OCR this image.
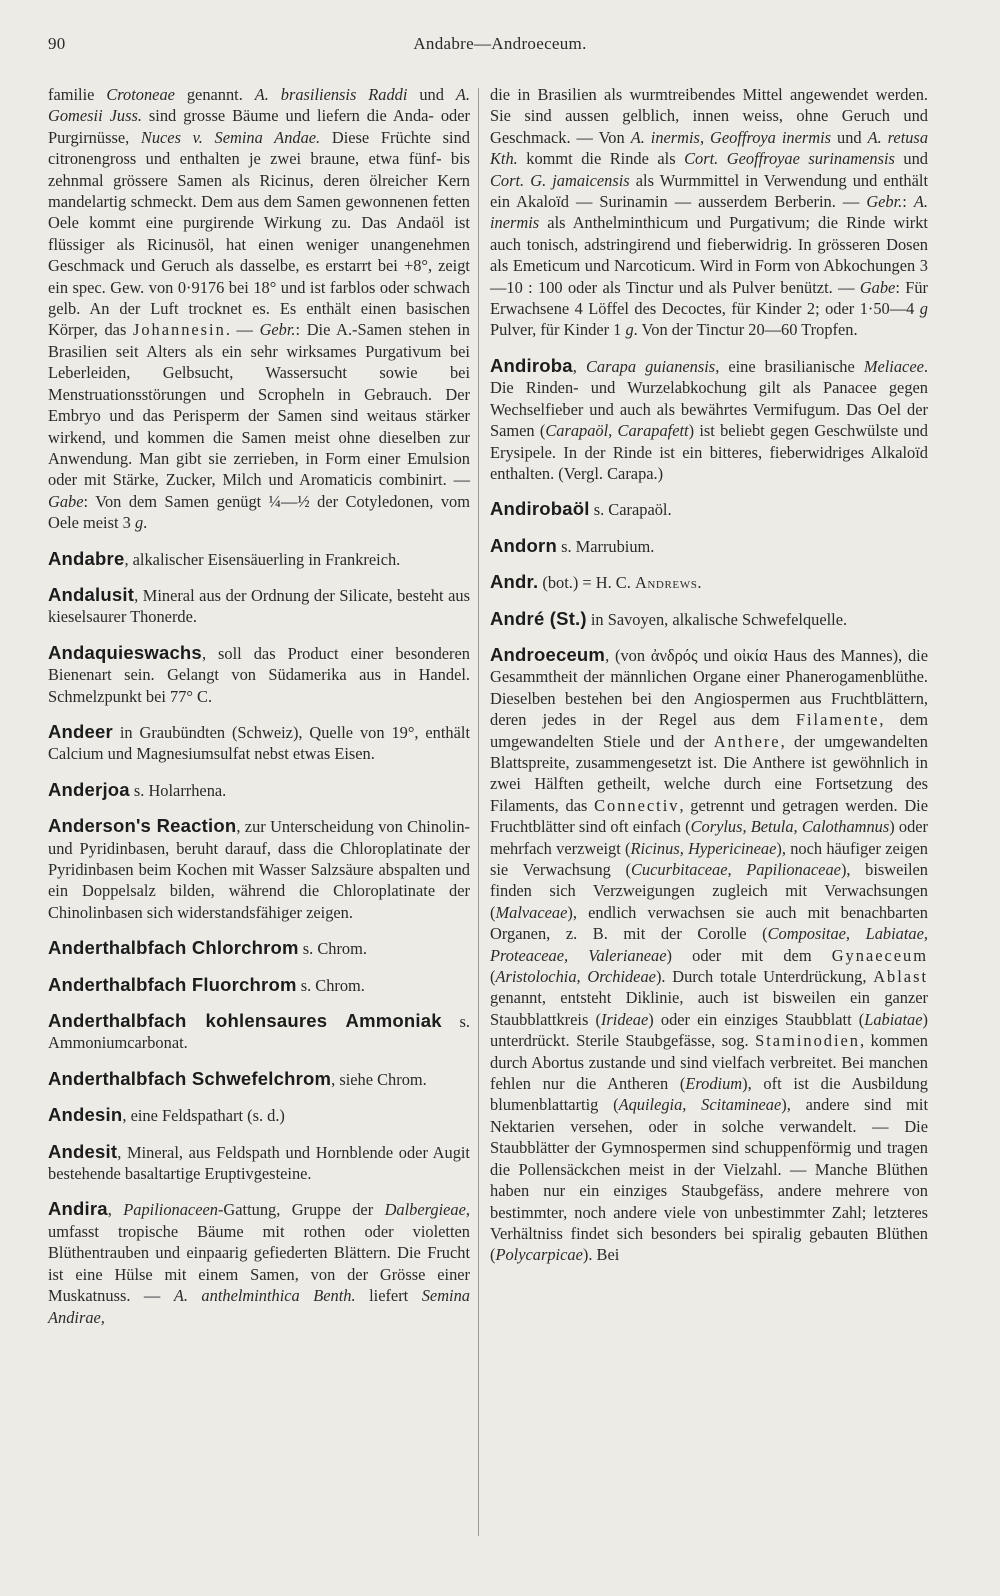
90	Andabre—Androeceum.

familie Crotoneae genannt. A. brasiliensis Raddi und A. Gomesii Juss. sind grosse Bäume und liefern die Anda- oder Purgirnüsse, Nuces v. Semina Andae. Diese Früchte sind citronengross und enthalten je zwei braune, etwa fünf- bis zehnmal grössere Samen als Ricinus, deren ölreicher Kern mandelartig schmeckt. Dem aus dem Samen gewonnenen fetten Oele kommt eine purgirende Wirkung zu. Das Andaöl ist flüssiger als Ricinusöl, hat einen weniger unangenehmen Geschmack und Geruch als dasselbe, es erstarrt bei +8°, zeigt ein spec. Gew. von 0·9176 bei 18° und ist farblos oder schwach gelb. An der Luft trocknet es. Es enthält einen basischen Körper, das Johannesin. — Gebr.: Die A.-Samen stehen in Brasilien seit Alters als ein sehr wirksames Purgativum bei Leberleiden, Gelbsucht, Wassersucht sowie bei Menstruationsstörungen und Scropheln in Gebrauch. Der Embryo und das Perisperm der Samen sind weitaus stärker wirkend, und kommen die Samen meist ohne dieselben zur Anwendung. Man gibt sie zerrieben, in Form einer Emulsion oder mit Stärke, Zucker, Milch und Aromaticis combinirt. — Gabe: Von dem Samen genügt ¼—½ der Cotyledonen, vom Oele meist 3 g.

Andabre, alkalischer Eisensäuerling in Frankreich.

Andalusit, Mineral aus der Ordnung der Silicate, besteht aus kieselsaurer Thonerde.

Andaquieswachs, soll das Product einer besonderen Bienenart sein. Gelangt von Südamerika aus in Handel. Schmelzpunkt bei 77° C.

Andeer in Graubündten (Schweiz), Quelle von 19°, enthält Calcium und Magnesiumsulfat nebst etwas Eisen.

Anderjoa s. Holarrhena.

Anderson's Reaction, zur Unterscheidung von Chinolin- und Pyridinbasen, beruht darauf, dass die Chloroplatinate der Pyridinbasen beim Kochen mit Wasser Salzsäure abspalten und ein Doppelsalz bilden, während die Chloroplatinate der Chinolinbasen sich widerstandsfähiger zeigen.

Anderthalbfach Chlorchrom s. Chrom.

Anderthalbfach Fluorchrom s. Chrom.

Anderthalbfach kohlensaures Ammoniak s. Ammoniumcarbonat.

Anderthalbfach Schwefelchrom, siehe Chrom.

Andesin, eine Feldspathart (s. d.)

Andesit, Mineral, aus Feldspath und Hornblende oder Augit bestehende basaltartige Eruptivgesteine.

Andira, Papilionaceen-Gattung, Gruppe der Dalbergieae, umfasst tropische Bäume mit rothen oder violetten Blüthentrauben und einpaarig gefiederten Blättern. Die Frucht ist eine Hülse mit einem Samen, von der Grösse einer Muskatnuss. — A. anthelminthica Benth. liefert Semina Andirae,

die in Brasilien als wurmtreibendes Mittel angewendet werden. Sie sind aussen gelblich, innen weiss, ohne Geruch und Geschmack. — Von A. inermis, Geoffroya inermis und A. retusa Kth. kommt die Rinde als Cort. Geoffroyae surinamensis und Cort. G. jamaicensis als Wurmmittel in Verwendung und enthält ein Akaloïd — Surinamin — ausserdem Berberin. — Gebr.: A. inermis als Anthelminthicum und Purgativum; die Rinde wirkt auch tonisch, adstringirend und fieberwidrig. In grösseren Dosen als Emeticum und Narcoticum. Wird in Form von Abkochungen 3—10 : 100 oder als Tinctur und als Pulver benützt. — Gabe: Für Erwachsene 4 Löffel des Decoctes, für Kinder 2; oder 1·50—4 g Pulver, für Kinder 1 g. Von der Tinctur 20—60 Tropfen.

Andiroba, Carapa guianensis, eine brasilianische Meliacee. Die Rinden- und Wurzelabkochung gilt als Panacee gegen Wechselfieber und auch als bewährtes Vermifugum. Das Oel der Samen (Carapaöl, Carapafett) ist beliebt gegen Geschwülste und Erysipele. In der Rinde ist ein bitteres, fieberwidriges Alkaloïd enthalten. (Vergl. Carapa.)

Andirobaöl s. Carapaöl.

Andorn s. Marrubium.

Andr. (bot.) = H. C. Andrews.

André (St.) in Savoyen, alkalische Schwefelquelle.

Androeceum, (von ἀνδρός und οἰκία Haus des Mannes), die Gesammtheit der männlichen Organe einer Phanerogamenblüthe. Dieselben bestehen bei den Angiospermen aus Fruchtblättern, deren jedes in der Regel aus dem Filamente, dem umgewandelten Stiele und der Anthere, der umgewandelten Blattspreite, zusammengesetzt ist. Die Anthere ist gewöhnlich in zwei Hälften getheilt, welche durch eine Fortsetzung des Filaments, das Connectiv, getrennt und getragen werden. Die Fruchtblätter sind oft einfach (Corylus, Betula, Calothamnus) oder mehrfach verzweigt (Ricinus, Hypericineae), noch häufiger zeigen sie Verwachsung (Cucurbitaceae, Papilionaceae), bisweilen finden sich Verzweigungen zugleich mit Verwachsungen (Malvaceae), endlich verwachsen sie auch mit benachbarten Organen, z. B. mit der Corolle (Compositae, Labiatae, Proteaceae, Valerianeae) oder mit dem Gynaeceum (Aristolochia, Orchideae). Durch totale Unterdrückung, Ablast genannt, entsteht Diklinie, auch ist bisweilen ein ganzer Staubblattkreis (Irideae) oder ein einziges Staubblatt (Labiatae) unterdrückt. Sterile Staubgefässe, sog. Staminodien, kommen durch Abortus zustande und sind vielfach verbreitet. Bei manchen fehlen nur die Antheren (Erodium), oft ist die Ausbildung blumenblattartig (Aquilegia, Scitamineae), andere sind mit Nektarien versehen, oder in solche verwandelt. — Die Staubblätter der Gymnospermen sind schuppenförmig und tragen die Pollensäckchen meist in der Vielzahl. — Manche Blüthen haben nur ein einziges Staubgefäss, andere mehrere von bestimmter, noch andere viele von unbestimmter Zahl; letzteres Verhältniss findet sich besonders bei spiralig gebauten Blüthen (Polycarpicae). Bei
